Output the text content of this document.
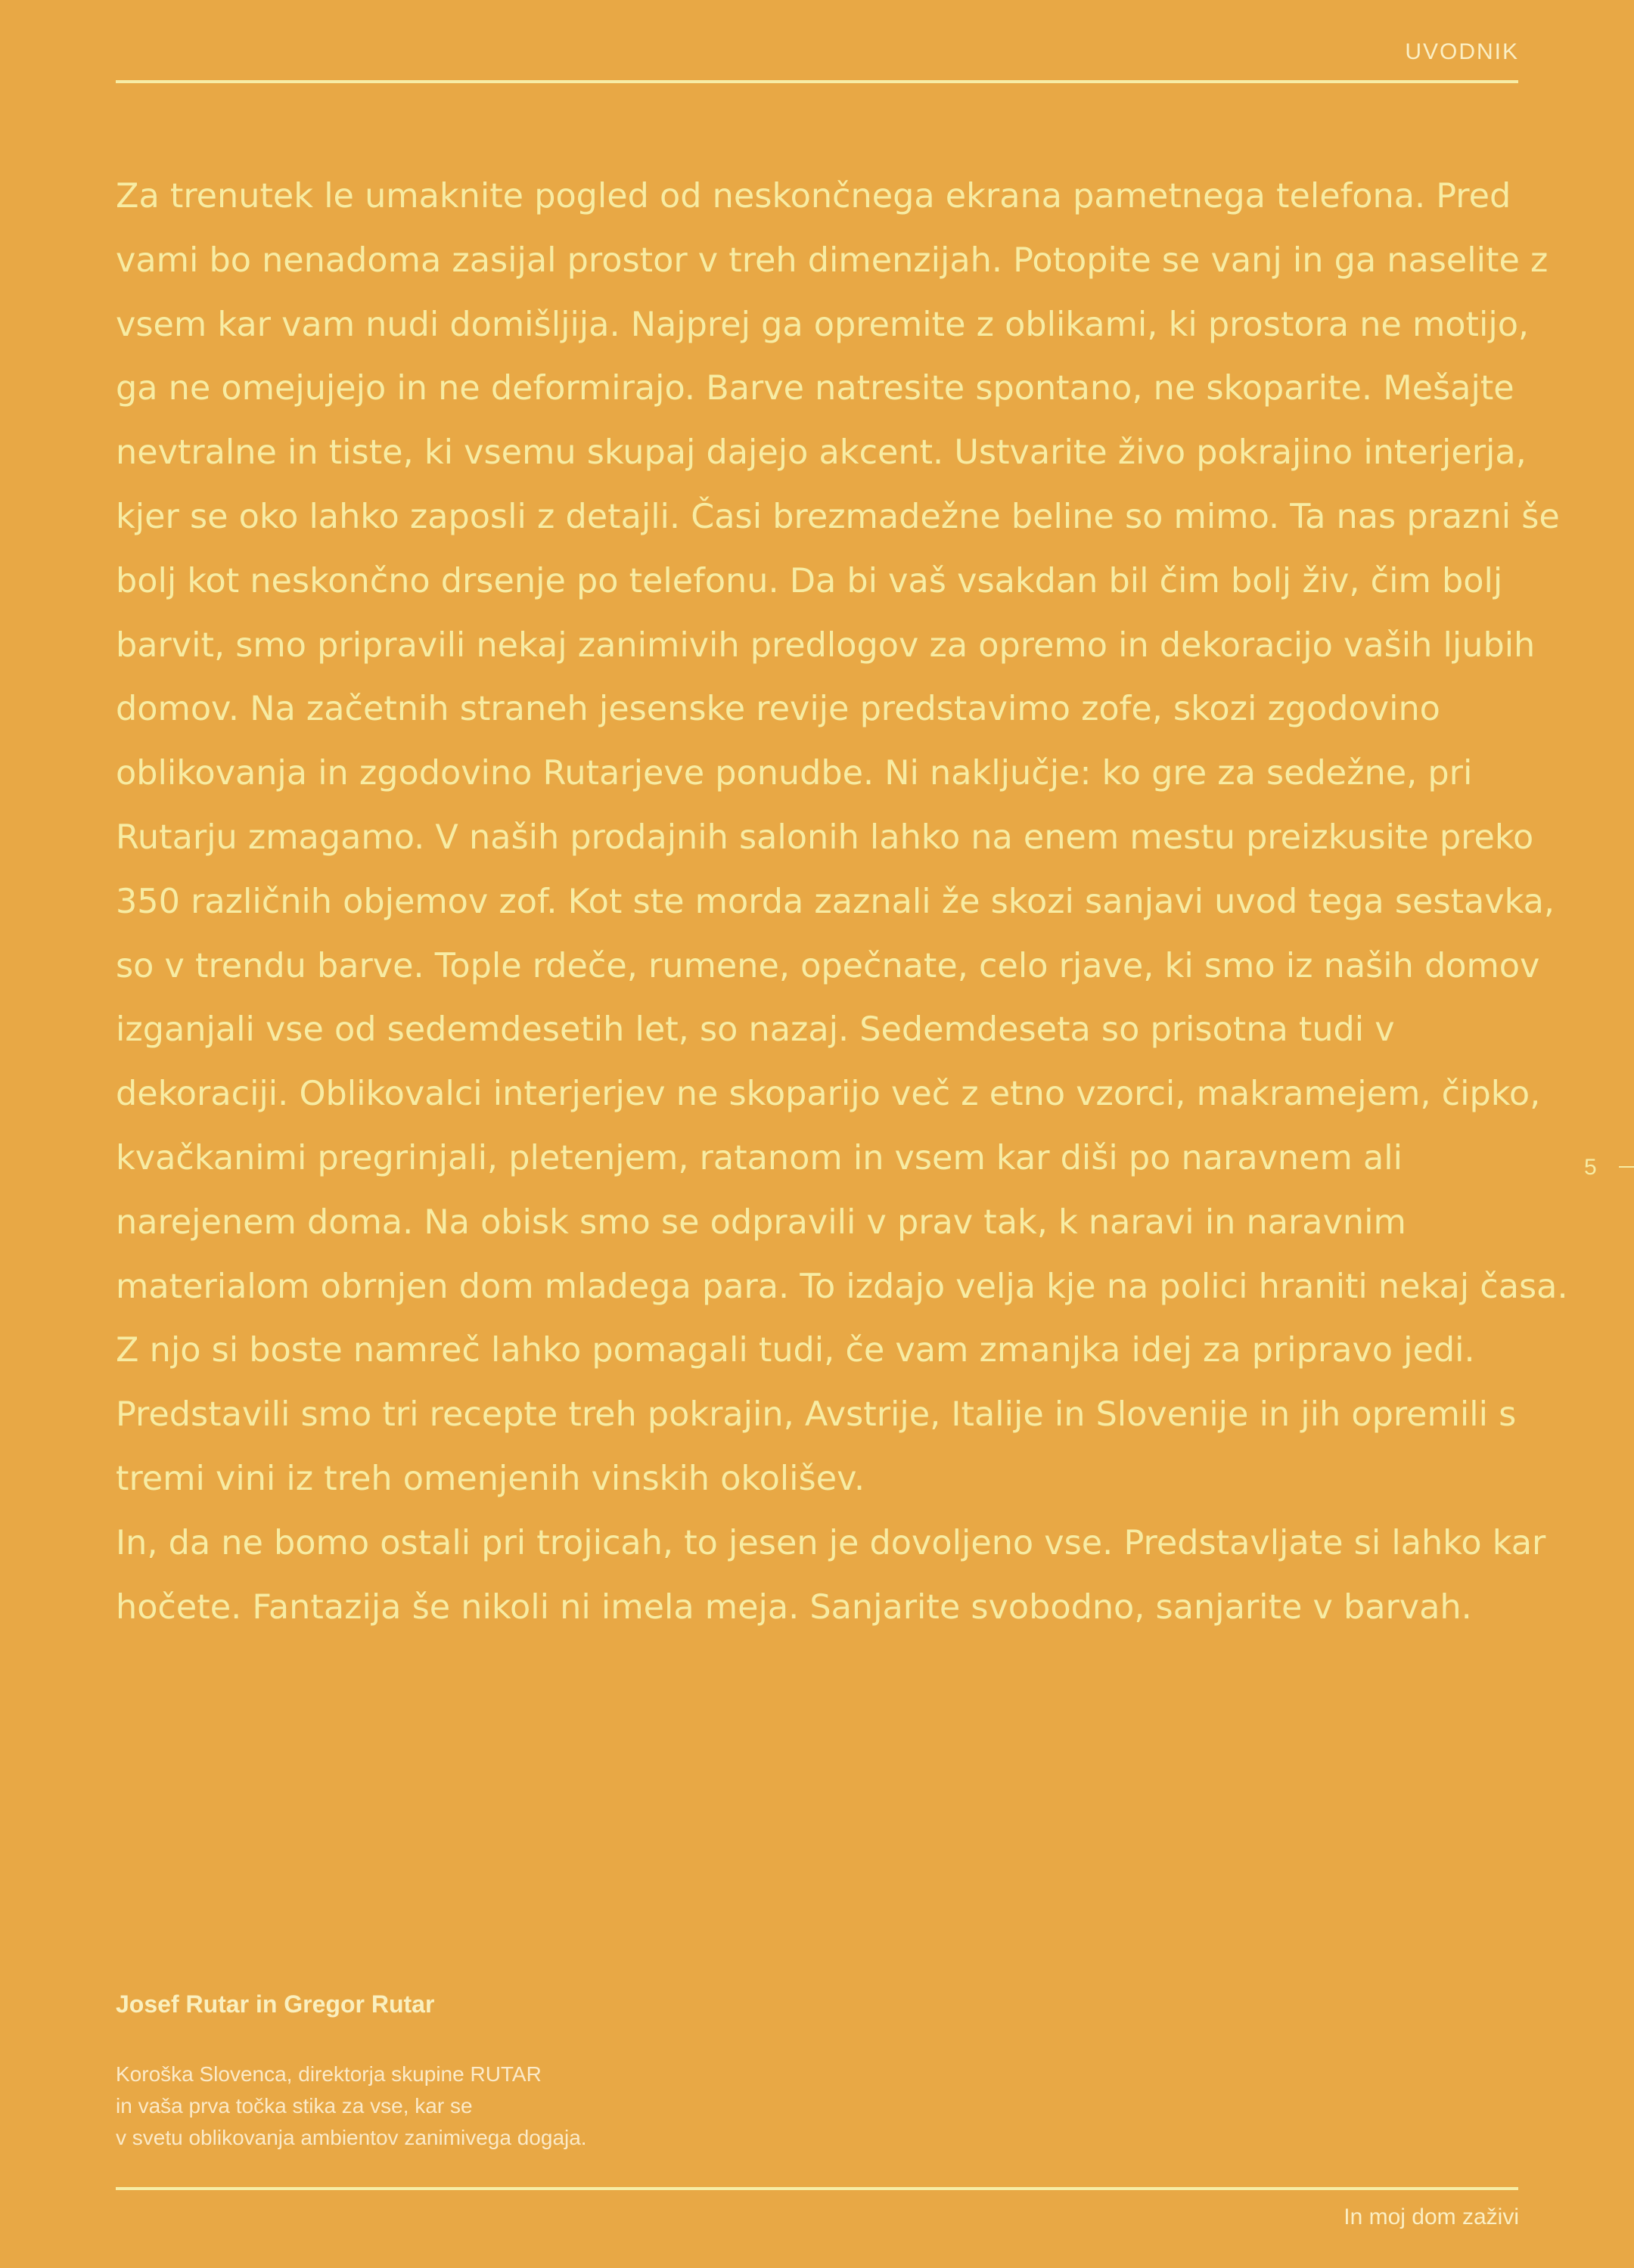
UVODNIK

Za trenutek le umaknite pogled od neskončnega ekrana pametnega telefona. Pred vami bo nenadoma zasijal prostor v treh dimenzijah. Potopite se vanj in ga naselite z vsem kar vam nudi domišljija. Najprej ga opremite z oblikami, ki prostora ne motijo, ga ne omejujejo in ne deformirajo. Barve natresite spontano, ne skoparite. Mešajte nevtralne in tiste, ki vsemu skupaj dajejo akcent. Ustvarite živo pokrajino interjerja, kjer se oko lahko zaposli z detajli. Časi brezmadežne beline so mimo. Ta nas prazni še bolj kot neskončno drsenje po telefonu. Da bi vaš vsakdan bil čim bolj živ, čim bolj barvit, smo pripravili nekaj zanimivih predlogov za opremo in dekoracijo vaših ljubih domov. Na začetnih straneh jesenske revije predstavimo zofe, skozi zgodovino oblikovanja in zgodovino Rutarjeve ponudbe. Ni naključje: ko gre za sedežne, pri Rutarju zmagamo. V naših prodajnih salonih lahko na enem mestu preizkusite preko 350 različnih objemov zof. Kot ste morda zaznali že skozi sanjavi uvod tega sestavka, so v trendu barve. Tople rdeče, rumene, opečnate, celo rjave, ki smo iz naših domov izganjali vse od sedemdesetih let, so nazaj. Sedemdeseta so prisotna tudi v dekoraciji. Oblikovalci interjerjev ne skoparijo več z etno vzorci, makramejem, čipko, kvačkanimi pregrinjali, pletenjem, ratanom in vsem kar diši po naravnem ali narejenem doma. Na obisk smo se odpravili v prav tak, k naravi in naravnim materialom obrnjen dom mladega para. To izdajo velja kje na polici hraniti nekaj časa. Z njo si boste namreč lahko pomagali tudi, če vam zmanjka idej za pripravo jedi. Predstavili smo tri recepte treh pokrajin, Avstrije, Italije in Slovenije in jih opremili s tremi vini iz treh omenjenih vinskih okolišev.

In, da ne bomo ostali pri trojicah, to jesen je dovoljeno vse. Predstavljate si lahko kar hočete. Fantazija še nikoli ni imela meja. Sanjarite svobodno, sanjarite v barvah.

5
Josef Rutar in Gregor Rutar
Koroška Slovenca, direktorja skupine RUTAR
in vaša prva točka stika za vse, kar se
v svetu oblikovanja ambientov zanimivega dogaja.
In moj dom zaživi
